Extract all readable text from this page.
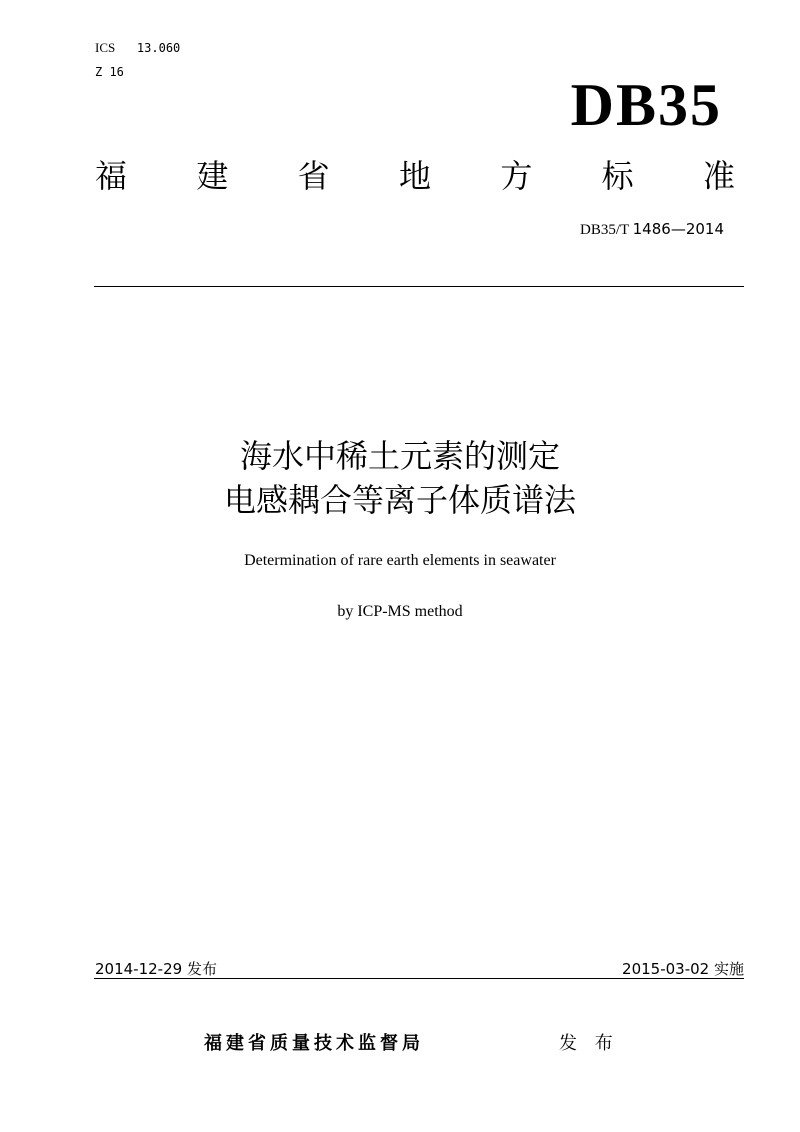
ICS 13.060
Z 16	DB35
福 建 省 地 方 标 准
DB35/T 1486—2014
海水中稀土元素的测定
电感耦合等离子体质谱法
Determination of rare earth elements in seawater
by ICP-MS method
2014-12-29 发布	2015-03-02 实施
福建省质量技术监督局	发 布
